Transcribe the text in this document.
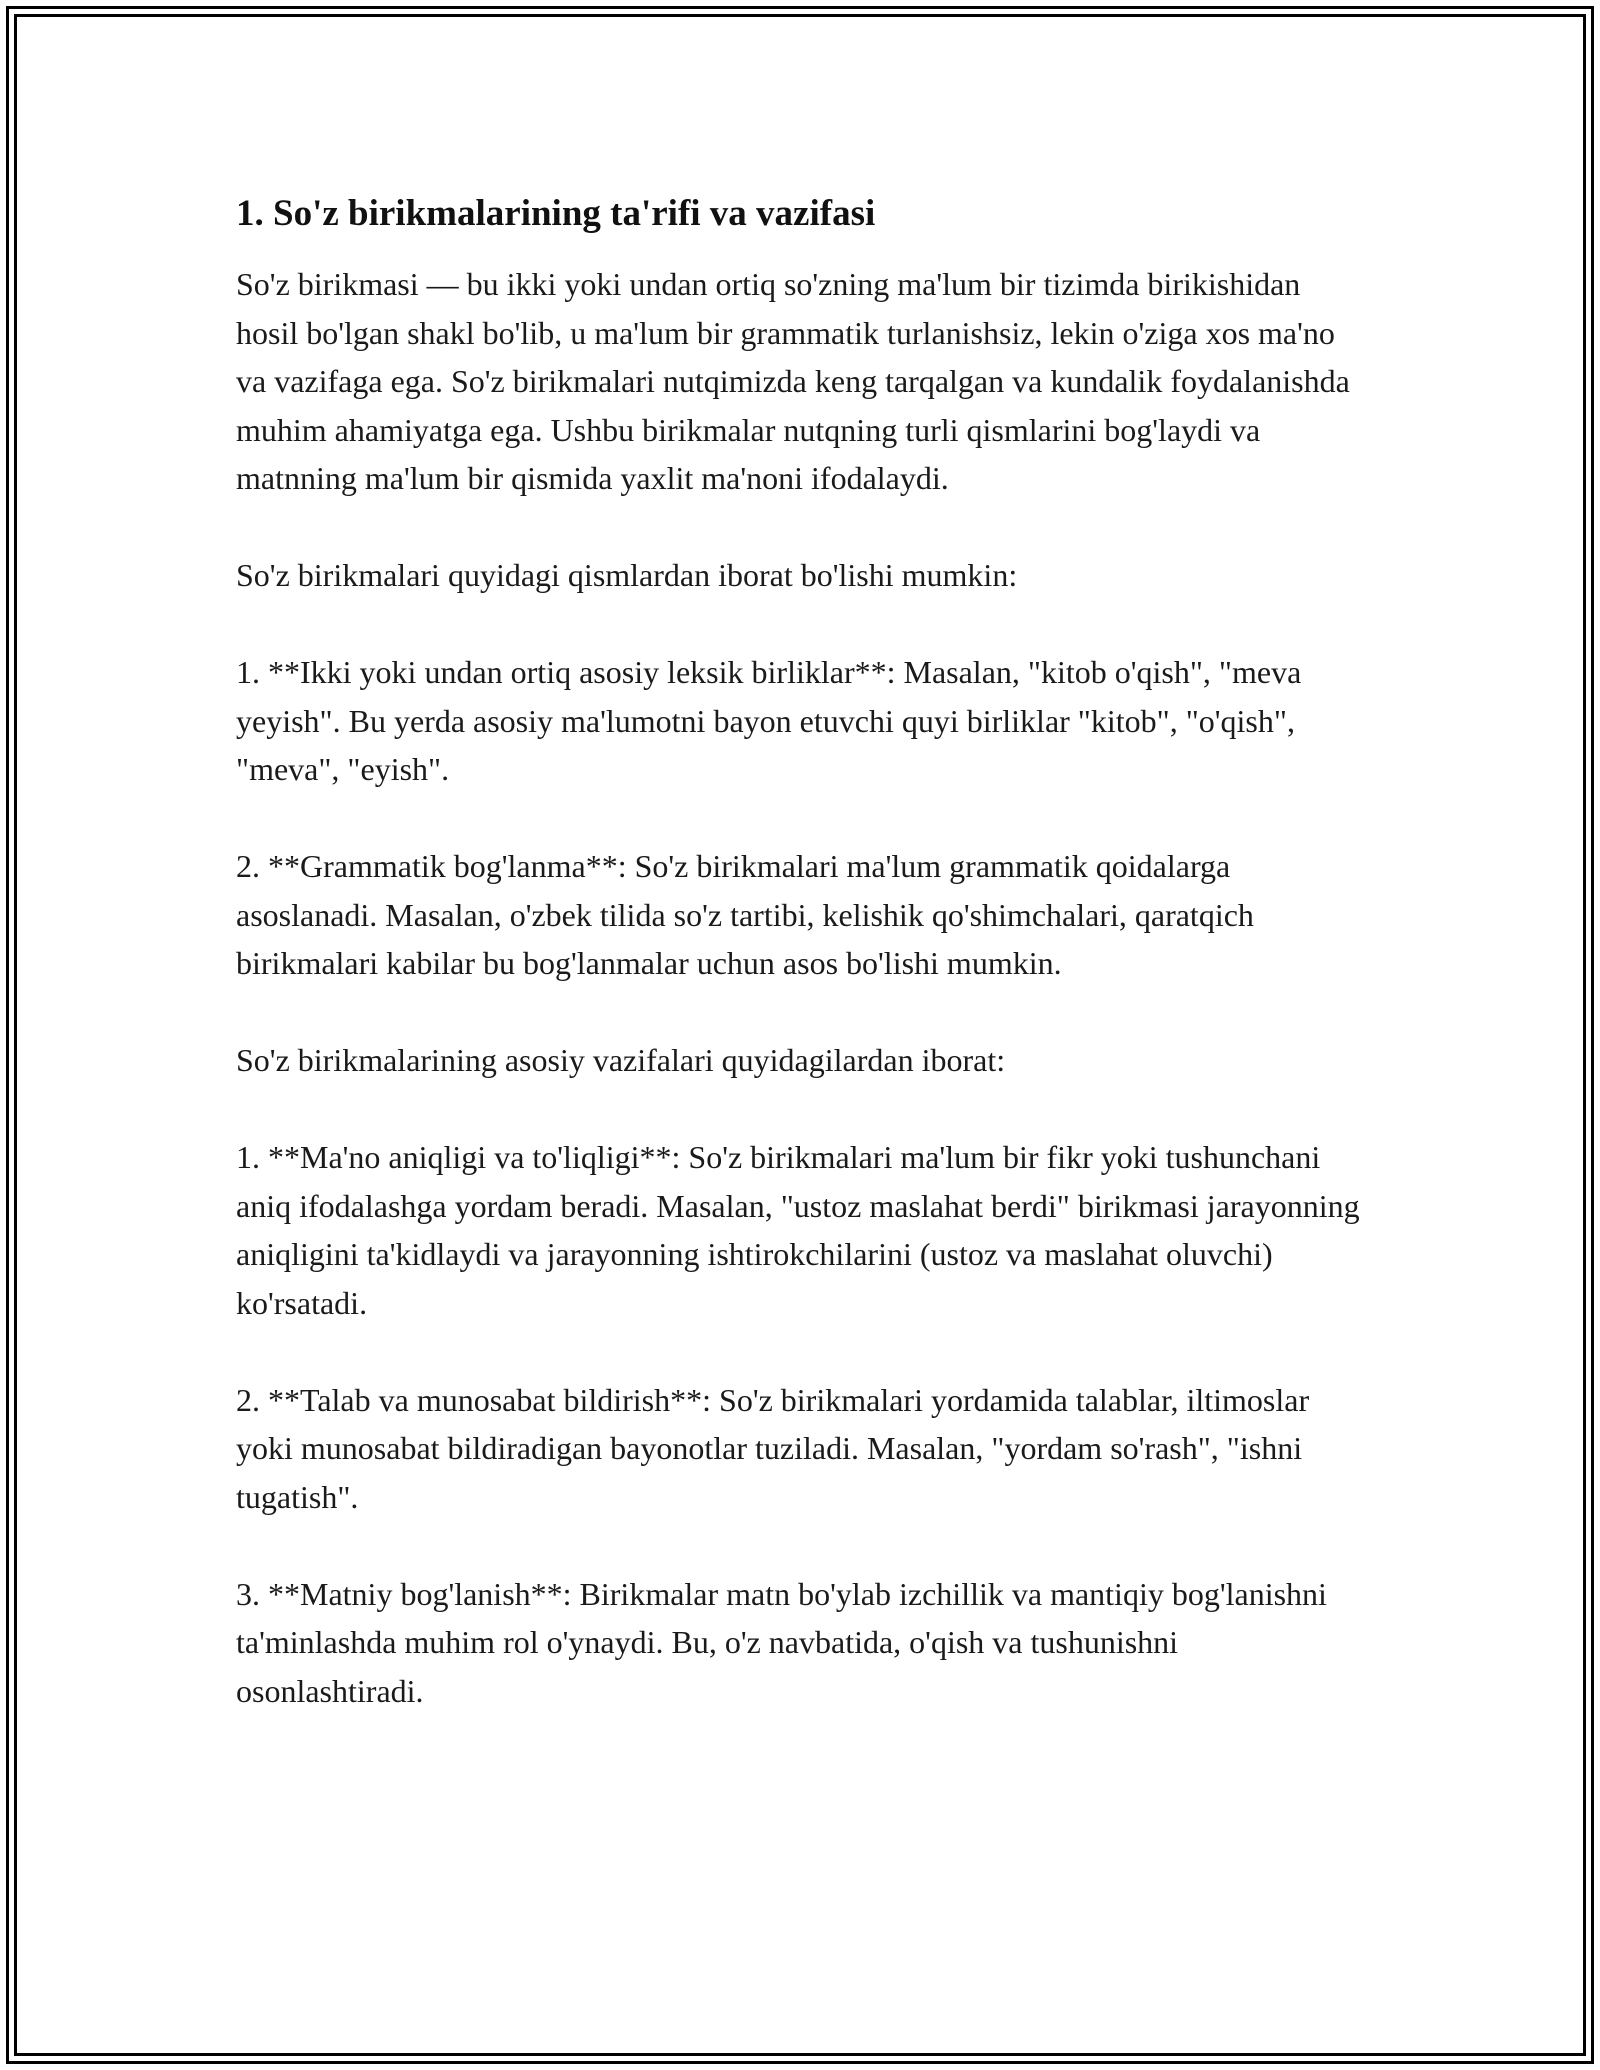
1. So'z birikmalarining ta'rifi va vazifasi

So'z birikmasi — bu ikki yoki undan ortiq so'zning ma'lum bir tizimda birikishidan hosil bo'lgan shakl bo'lib, u ma'lum bir grammatik turlanishsiz, lekin o'ziga xos ma'no va vazifaga ega. So'z birikmalari nutqimizda keng tarqalgan va kundalik foydalanishda muhim ahamiyatga ega. Ushbu birikmalar nutqning turli qismlarini bog'laydi va matnning ma'lum bir qismida yaxlit ma'noni ifodalaydi.

So'z birikmalari quyidagi qismlardan iborat bo'lishi mumkin:

1. **Ikki yoki undan ortiq asosiy leksik birliklar**: Masalan, "kitob o'qish", "meva yeyish". Bu yerda asosiy ma'lumotni bayon etuvchi quyi birliklar "kitob", "o'qish", "meva", "eyish".

2. **Grammatik bog'lanma**: So'z birikmalari ma'lum grammatik qoidalarga asoslanadi. Masalan, o'zbek tilida so'z tartibi, kelishik qo'shimchalari, qaratqich birikmalari kabilar bu bog'lanmalar uchun asos bo'lishi mumkin.

So'z birikmalarining asosiy vazifalari quyidagilardan iborat:

1. **Ma'no aniqligi va to'liqligi**: So'z birikmalari ma'lum bir fikr yoki tushunchani aniq ifodalashga yordam beradi. Masalan, "ustoz maslahat berdi" birikmasi jarayonning aniqligini ta'kidlaydi va jarayonning ishtirokchilarini (ustoz va maslahat oluvchi) ko'rsatadi.

2. **Talab va munosabat bildirish**: So'z birikmalari yordamida talablar, iltimoslar yoki munosabat bildiradigan bayonotlar tuziladi. Masalan, "yordam so'rash", "ishni tugatish".

3. **Matniy bog'lanish**: Birikmalar matn bo'ylab izchillik va mantiqiy bog'lanishni ta'minlashda muhim rol o'ynaydi. Bu, o'z navbatida, o'qish va tushunishni osonlashtiradi.
